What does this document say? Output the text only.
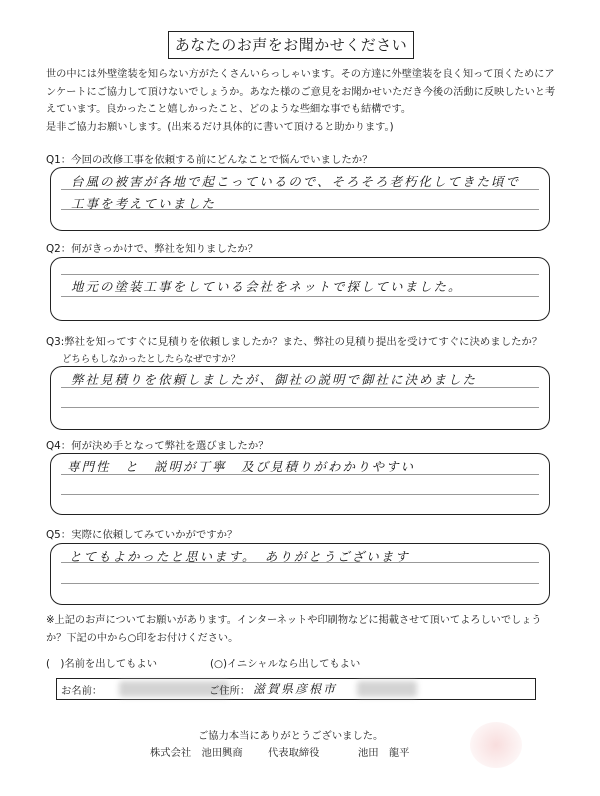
あなたのお声をお聞かせください
世の中には外壁塗装を知らない方がたくさんいらっしゃいます。その方達に外壁塗装を良く知って頂くためにア
ンケートにご協力して頂けないでしょうか。あなた様のご意見をお聞かせいただき今後の活動に反映したいと考
えています。良かったこと嬉しかったこと、どのような些細な事でも結構です。
是非ご協力お願いします。(出来るだけ具体的に書いて頂けると助かります。)
Q1：今回の改修工事を依頼する前にどんなことで悩んでいましたか？
台風の被害が各地で起こっているので、そろそろ老朽化してきた頃で
工事を考えていました
Q2：何がきっかけで、弊社を知りましたか？
地元の塗装工事をしている会社をネットで探していました。
Q3:弊社を知ってすぐに見積りを依頼しましたか？また、弊社の見積り提出を受けてすぐに決めましたか？
どちらもしなかったとしたらなぜですか？
弊社見積りを依頼しましたが、御社の説明で御社に決めました
Q4：何が決め手となって弊社を選びましたか？
専門性　と　説明が丁寧　及び見積りがわかりやすい
Q5：実際に依頼してみていかがですか？
とてもよかったと思います。　ありがとうございます
※上記のお声についてお願いがあります。インターネットや印刷物などに掲載させて頂いてよろしいでしょう
か？下記の中から○印をお付けください。
(　)名前を出してもよい	(○)イニシャルなら出してもよい
お名前：	ご住所： 滋賀県彦根市
ご協力本当にありがとうございました。
株式会社　池田興商 代表取締役	池田　龍平
